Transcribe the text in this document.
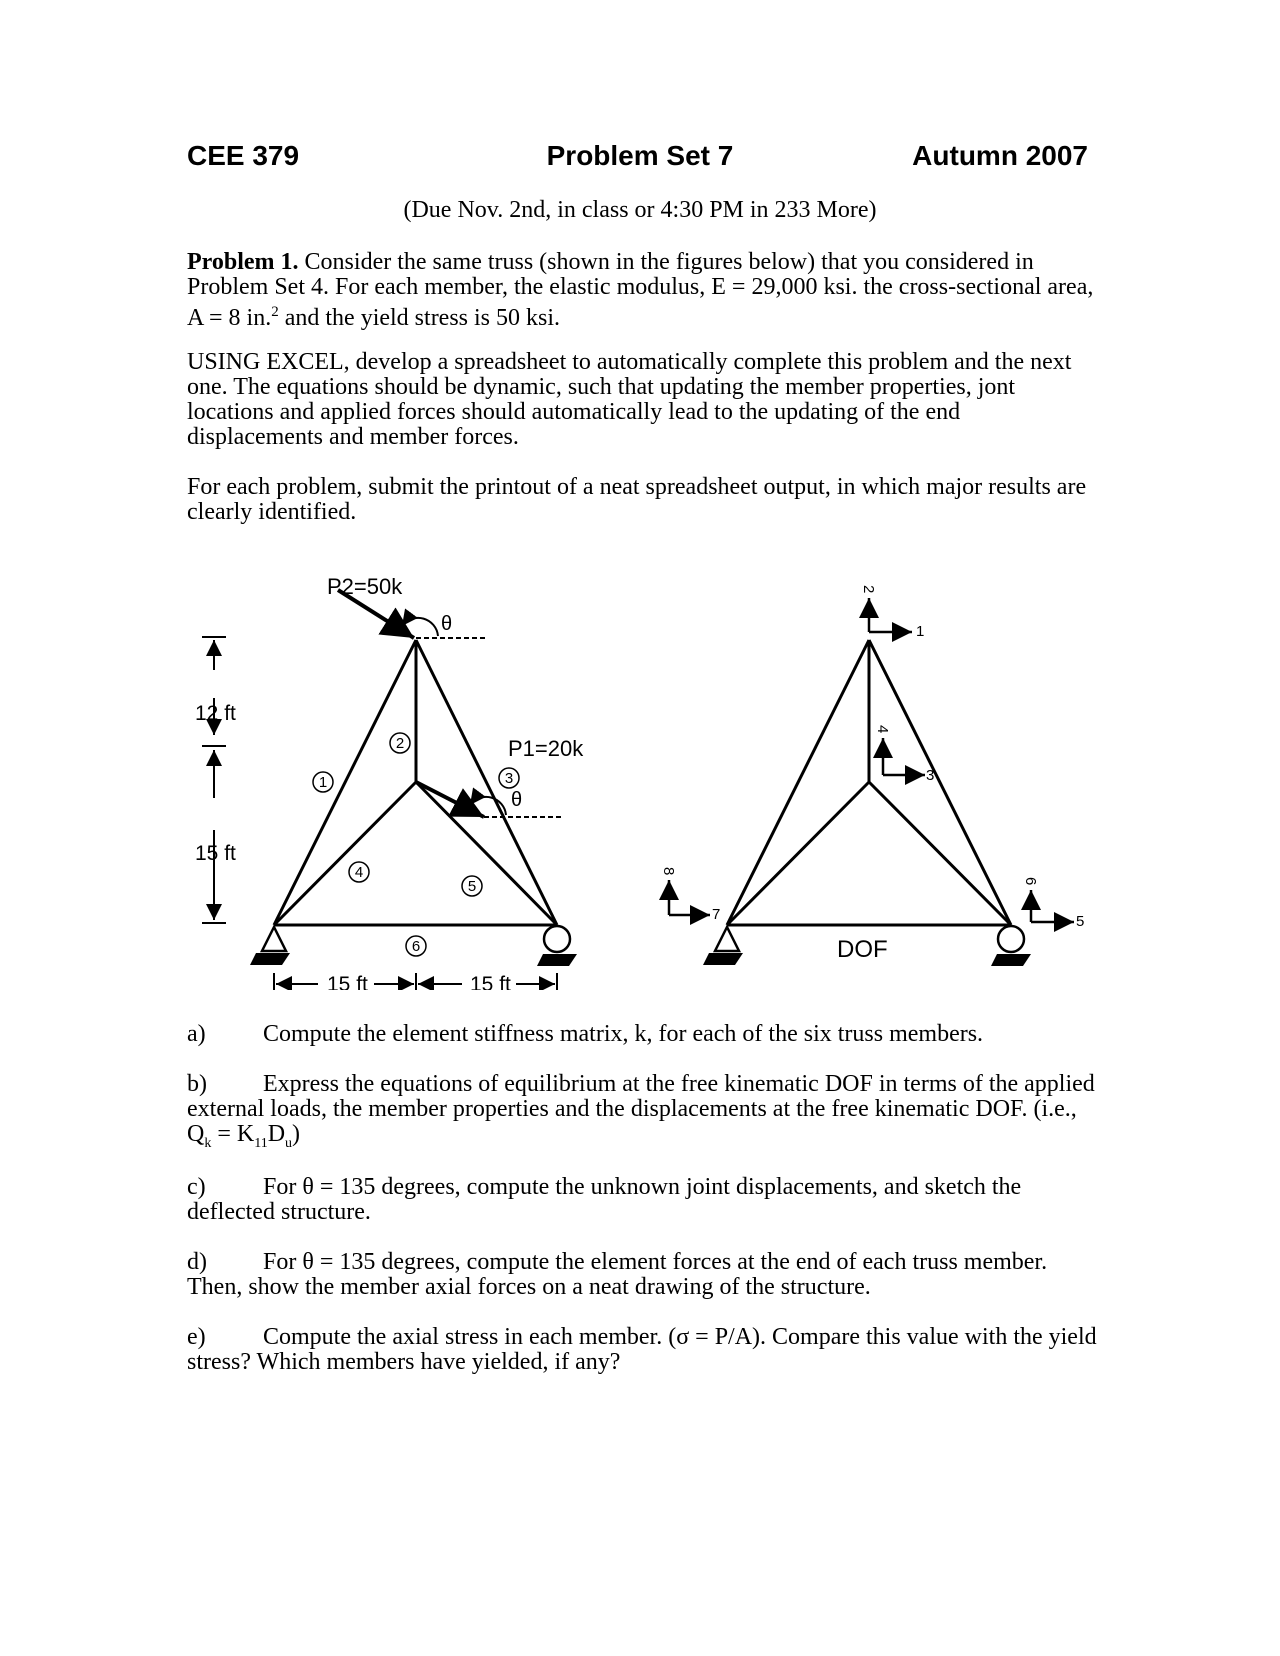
CEE 379	Problem Set 7	Autumn 2007
(Due Nov. 2nd, in class or 4:30 PM in 233 More)
Problem 1. Consider the same truss (shown in the figures below) that you considered in Problem Set 4. For each member, the elastic modulus, E = 29,000 ksi. the cross-sectional area, A = 8 in.$^2$ and the yield stress is 50 ksi.
USING EXCEL, develop a spreadsheet to automatically complete this problem and the next one. The equations should be dynamic, such that updating the member properties, jont locations and applied forces should automatically lead to the updating of the end displacements and member forces.
For each problem, submit the printout of a neat spreadsheet output, in which major results are clearly identified.
P2=50k
θ
P1=20k
θ
1
2
3
4
5
6
12 ft
15 ft
15 ft	15 ft
1
2
3
4
5
6
7
8
DOF
a) Compute the element stiffness matrix, k, for each of the six truss members.
b) Express the equations of equilibrium at the free kinematic DOF in terms of the applied external loads, the member properties and the displacements at the free kinematic DOF. (i.e., $Q_k = K_{11}D_u$)
c) For θ = 135 degrees, compute the unknown joint displacements, and sketch the deflected structure.
d) For θ = 135 degrees, compute the element forces at the end of each truss member. Then, show the member axial forces on a neat drawing of the structure.
e) Compute the axial stress in each member. (σ = P/A). Compare this value with the yield stress? Which members have yielded, if any?
